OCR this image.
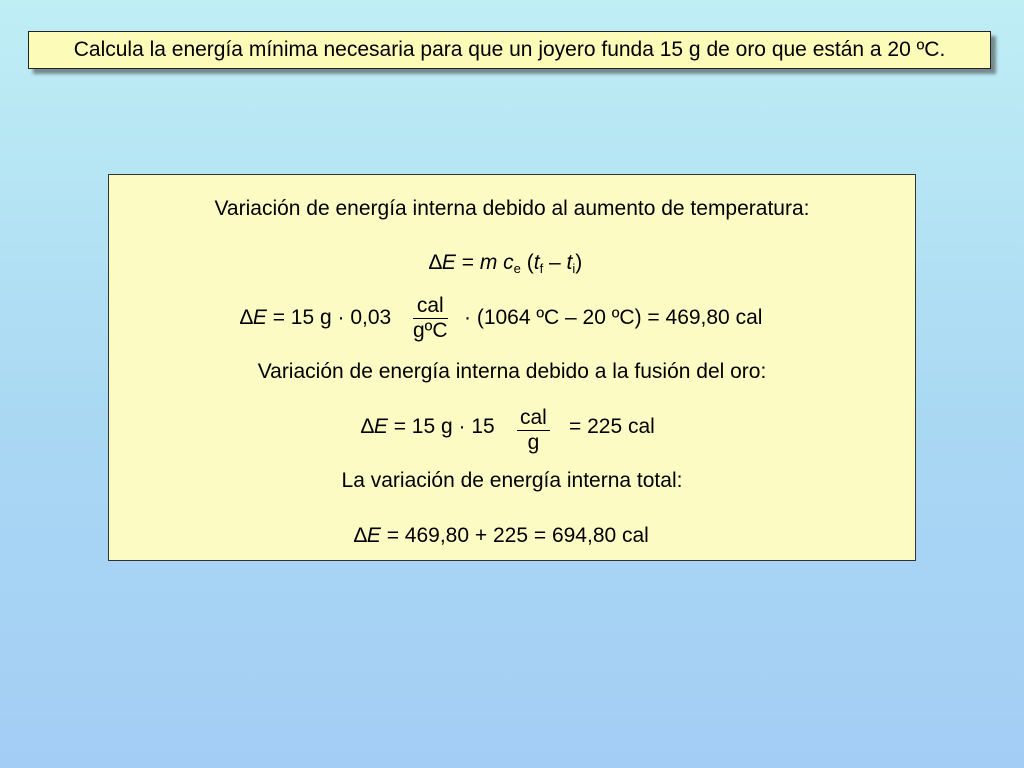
Calcula la energía mínima necesaria para que un joyero funda 15 g de oro que están a 20 ºC.
Variación de energía interna debido al aumento de temperatura:
∆E = m $c_e$ $(t_f - t_i)$
∆E = 15 g · 0,03
cal
gºC
· (1064 ºC – 20 ºC) = 469,80 cal
Variación de energía interna debido a la fusión del oro:
∆E = 15 g · 15 cal
g
= 225 cal
La variación de energía interna total:
∆E = 469,80 + 225 = 694,80 cal
